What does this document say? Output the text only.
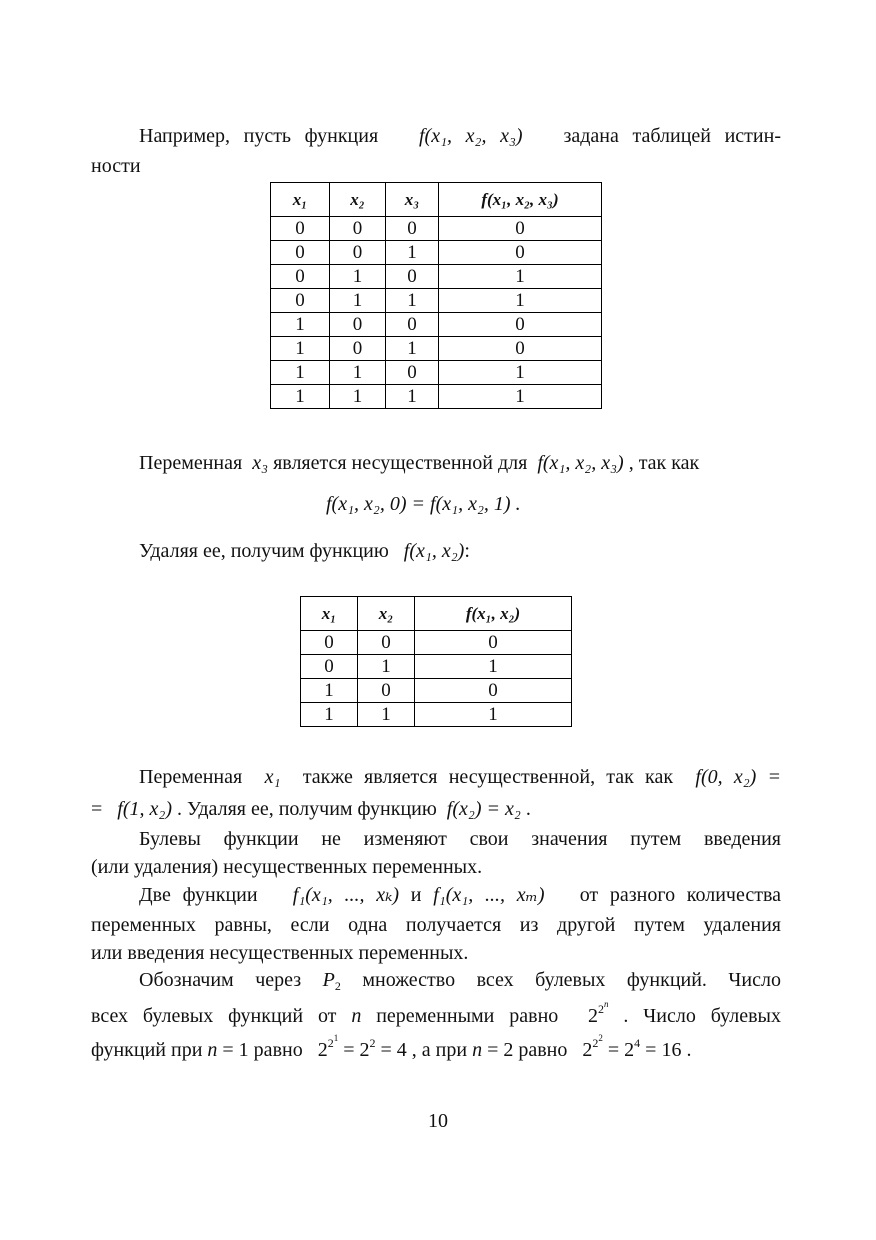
Например, пусть функция f(x₁, x₂, x₃) задана таблицей истин-
ности
x₁	x₂	x₃	f(x₁, x₂, x₃)
0	0	0	0
0	0	1	0
0	1	0	1
0	1	1	1
1	0	0	0
1	0	1	0
1	1	0	1
1	1	1	1
Переменная x₃ является несущественной для f(x₁, x₂, x₃) , так как
f(x₁, x₂, 0) = f(x₁, x₂, 1) .
Удаляя ее, получим функцию f(x₁, x₂):
x₁	x₂	f(x₁, x₂)
0	0	0
0	1	1
1	0	0
1	1	1
Переменная x₁ также является несущественной, так как f(0, x₂) =
= f(1, x₂) . Удаляя ее, получим функцию f(x₂) = x₂ .
Булевы функции не изменяют свои значения путем введения
(или удаления) несущественных переменных.
Две функции f₁(x₁, ..., xₖ) и f₁(x₁, ..., xₘ) от разного количества
переменных равны, если одна получается из другой путем удаления
или введения несущественных переменных.
Обозначим через $P_2$ множество всех булевых функций. Число
всех булевых функций от n переменными равно $2^{2^n}$ . Число булевых
функций при n = 1 равно $2^{2^1} = 2^2 = 4$ , а при n = 2 равно $2^{2^2} = 2^4 = 16$ .
10
